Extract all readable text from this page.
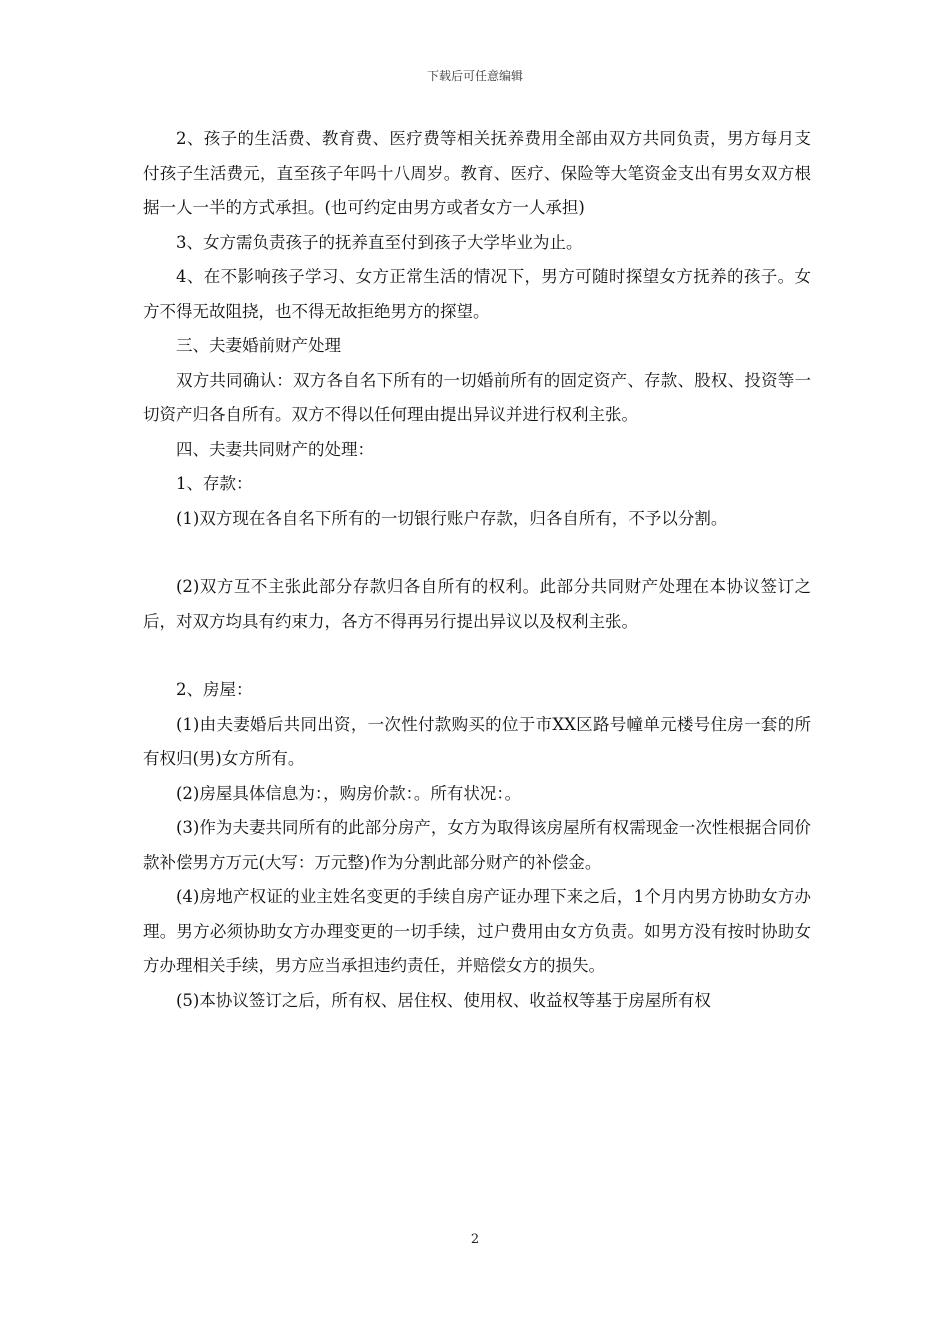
下载后可任意编辑

2、孩子的生活费、教育费、医疗费等相关抚养费用全部由双方共同负责，男方每月支付孩子生活费元，直至孩子年吗十八周岁。教育、医疗、保险等大笔资金支出有男女双方根据一人一半的方式承担。(也可约定由男方或者女方一人承担)

3、女方需负责孩子的抚养直至付到孩子大学毕业为止。

4、在不影响孩子学习、女方正常生活的情况下，男方可随时探望女方抚养的孩子。女方不得无故阻挠，也不得无故拒绝男方的探望。

三、夫妻婚前财产处理

双方共同确认：双方各自名下所有的一切婚前所有的固定资产、存款、股权、投资等一切资产归各自所有。双方不得以任何理由提出异议并进行权利主张。

四、夫妻共同财产的处理：

1、存款：

(1)双方现在各自名下所有的一切银行账户存款，归各自所有，不予以分割。

(2)双方互不主张此部分存款归各自所有的权利。此部分共同财产处理在本协议签订之后，对双方均具有约束力，各方不得再另行提出异议以及权利主张。

2、房屋：

(1)由夫妻婚后共同出资，一次性付款购买的位于市XX区路号幢单元楼号住房一套的所有权归(男)女方所有。

(2)房屋具体信息为：，购房价款：。所有状况：。

(3)作为夫妻共同所有的此部分房产，女方为取得该房屋所有权需现金一次性根据合同价款补偿男方万元(大写：万元整)作为分割此部分财产的补偿金。

(4)房地产权证的业主姓名变更的手续自房产证办理下来之后，1个月内男方协助女方办理。男方必须协助女方办理变更的一切手续，过户费用由女方负责。如男方没有按时协助女方办理相关手续，男方应当承担违约责任，并赔偿女方的损失。

(5)本协议签订之后，所有权、居住权、使用权、收益权等基于房屋所有权

2
